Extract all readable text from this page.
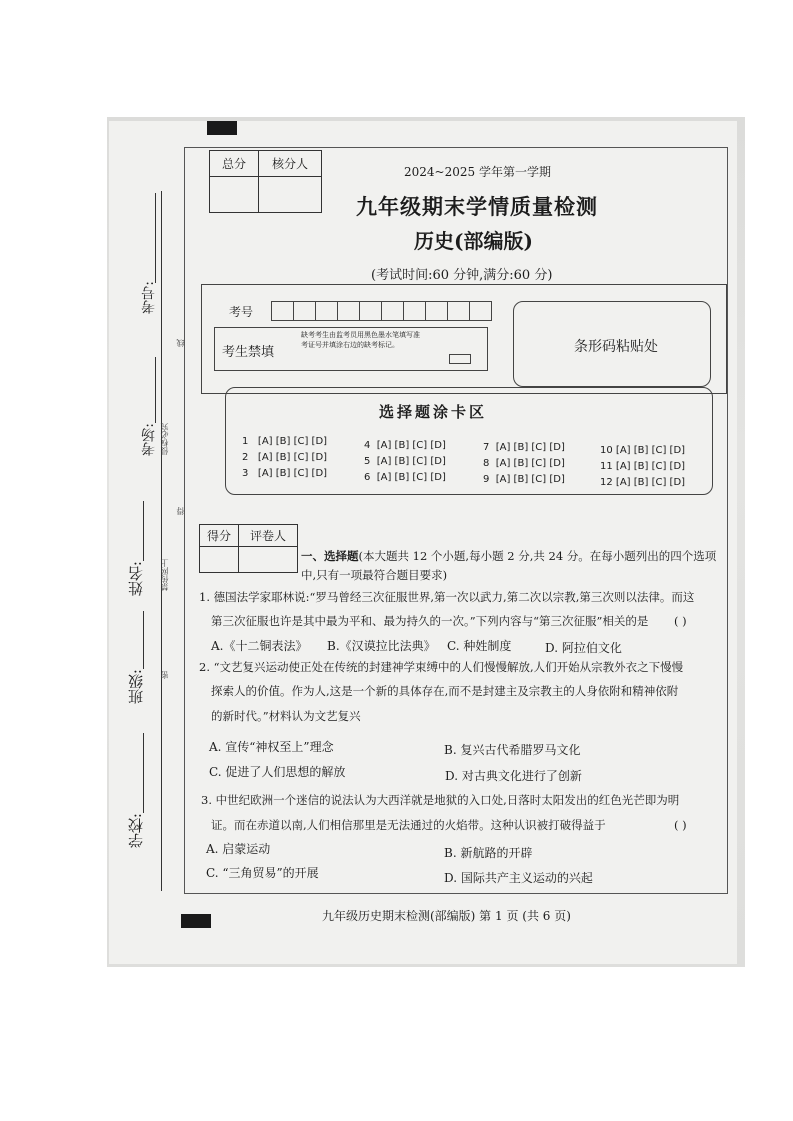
考号:
考场:
姓名:
班级:
学校:
线
得
密
侵权必究
禁传网上
总分	核分人

2024~2025 学年第一学期
九年级期末学情质量检测
历史(部编版)
(考试时间:60 分钟,满分:60 分)
考号
考生禁填
缺考考生由监考员用黑色墨水笔填写准考证号并填涂右边的缺考标记。	条形码粘贴处
选择题涂卡区
1 [A] [B] [C] [D]
2 [A] [B] [C] [D]
3 [A] [B] [C] [D]
4 [A] [B] [C] [D]
5 [A] [B] [C] [D]
6 [A] [B] [C] [D]
7 [A] [B] [C] [D]
8 [A] [B] [C] [D]
9 [A] [B] [C] [D]
10 [A] [B] [C] [D]
11 [A] [B] [C] [D]
12 [A] [B] [C] [D]
得分	评卷人

一、选择题(本大题共 12 个小题,每小题 2 分,共 24 分。在每小题列出的四个选项
中,只有一项最符合题目要求)
1. 德国法学家耶林说:“罗马曾经三次征服世界,第一次以武力,第二次以宗教,第三次则以法律。而这
第三次征服也许是其中最为平和、最为持久的一次。”下列内容与“第三次征服”相关的是 ( )
A.《十二铜表法》 B.《汉谟拉比法典》 C. 种姓制度	D. 阿拉伯文化
2. “文艺复兴运动使正处在传统的封建神学束缚中的人们慢慢解放,人们开始从宗教外衣之下慢慢
探索人的价值。作为人,这是一个新的具体存在,而不是封建主及宗教主的人身依附和精神依附
的新时代。”材料认为文艺复兴
A. 宣传“神权至上”理念	B. 复兴古代希腊罗马文化
C. 促进了人们思想的解放	D. 对古典文化进行了创新
3. 中世纪欧洲一个迷信的说法认为大西洋就是地狱的入口处,日落时太阳发出的红色光芒即为明
证。而在赤道以南,人们相信那里是无法通过的火焰带。这种认识被打破得益于	( )
A. 启蒙运动	B. 新航路的开辟
C. “三角贸易”的开展	D. 国际共产主义运动的兴起
九年级历史期末检测(部编版) 第 1 页 (共 6 页)
